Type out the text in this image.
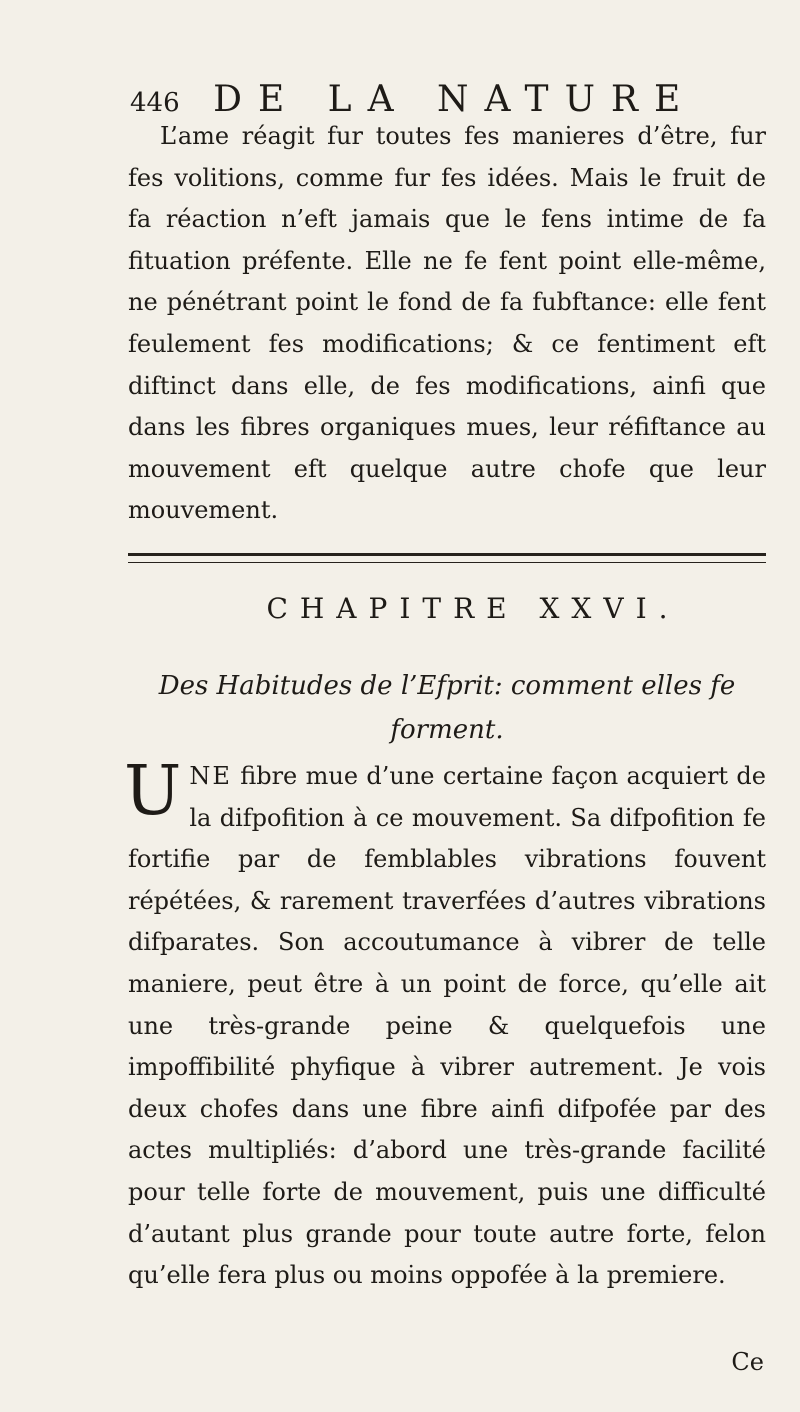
446 DE LA NATURE

L’ame réagit fur toutes fes manieres d’être, fur fes volitions, comme fur fes idées. Mais le fruit de fa réaction n’eft jamais que le fens intime de fa fituation préfente. Elle ne fe fent point elle-même, ne pénétrant point le fond de fa fubftance: elle fent feulement fes modifications; & ce fentiment eft diftinct dans elle, de fes modifications, ainfi que dans les fibres organiques mues, leur réfiftance au mouvement eft quelque autre chofe que leur mouvement.

CHAPITRE XXVI.
Des Habitudes de l’Efprit: comment elles fe forment.

UNE fibre mue d’une certaine façon acquiert de la difpofition à ce mouvement. Sa difpofition fe fortifie par de femblables vibrations fouvent répétées, & rarement traverfées d’autres vibrations difparates. Son accoutumance à vibrer de telle maniere, peut être à un point de force, qu’elle ait une très-grande peine & quelquefois une impoffibilité phyfique à vibrer autrement. Je vois deux chofes dans une fibre ainfi difpofée par des actes multipliés: d’abord une très-grande facilité pour telle forte de mouvement, puis une difficulté d’autant plus grande pour toute autre forte, felon qu’elle fera plus ou moins oppofée à la premiere.

Ce
